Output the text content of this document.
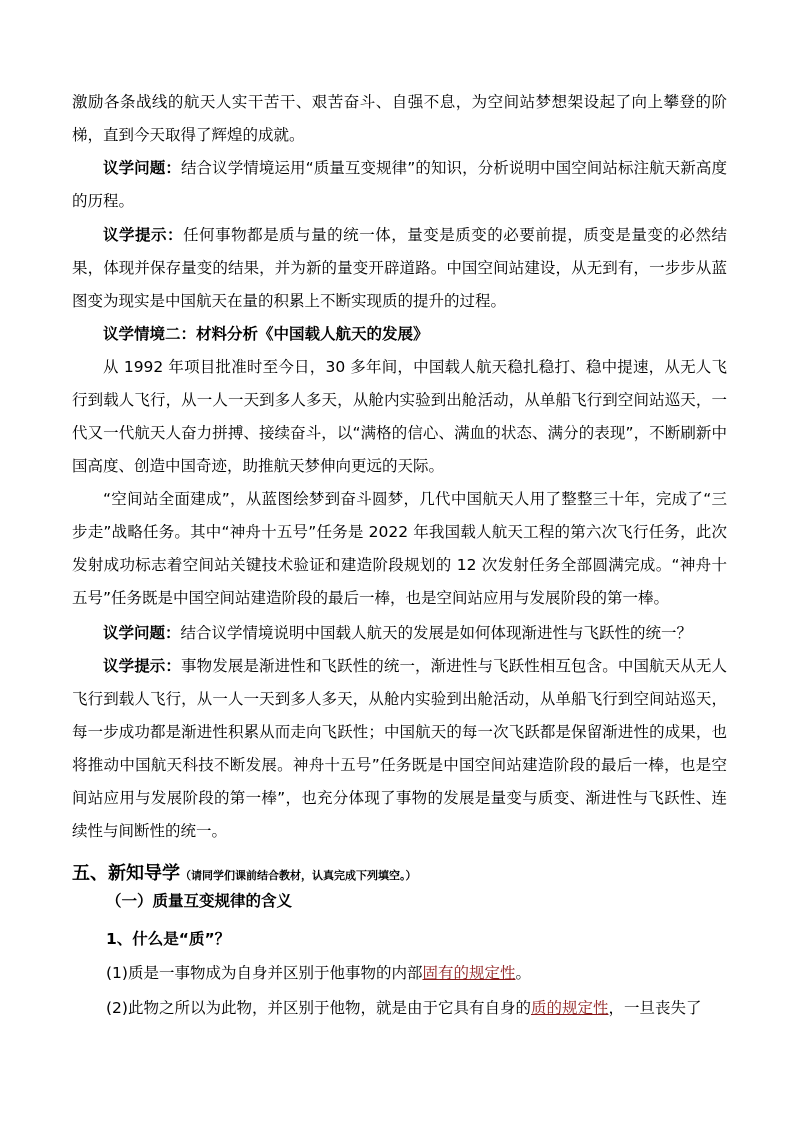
激励各条战线的航天人实干苦干、艰苦奋斗、自强不息，为空间站梦想架设起了向上攀登的阶梯，直到今天取得了辉煌的成就。
议学问题：结合议学情境运用“质量互变规律”的知识，分析说明中国空间站标注航天新高度的历程。
议学提示：任何事物都是质与量的统一体，量变是质变的必要前提，质变是量变的必然结果，体现并保存量变的结果，并为新的量变开辟道路。中国空间站建设，从无到有，一步步从蓝图变为现实是中国航天在量的积累上不断实现质的提升的过程。
议学情境二：材料分析《中国载人航天的发展》
从 1992 年项目批准时至今日，30 多年间，中国载人航天稳扎稳打、稳中提速，从无人飞行到载人飞行，从一人一天到多人多天，从舱内实验到出舱活动，从单船飞行到空间站巡天，一代又一代航天人奋力拼搏、接续奋斗，以“满格的信心、满血的状态、满分的表现”，不断刷新中国高度、创造中国奇迹，助推航天梦伸向更远的天际。
“空间站全面建成”，从蓝图绘梦到奋斗圆梦，几代中国航天人用了整整三十年，完成了“三步走”战略任务。其中“神舟十五号”任务是 2022 年我国载人航天工程的第六次飞行任务，此次发射成功标志着空间站关键技术验证和建造阶段规划的 12 次发射任务全部圆满完成。“神舟十五号”任务既是中国空间站建造阶段的最后一棒，也是空间站应用与发展阶段的第一棒。
议学问题：结合议学情境说明中国载人航天的发展是如何体现渐进性与飞跃性的统一？
议学提示：事物发展是渐进性和飞跃性的统一，渐进性与飞跃性相互包含。中国航天从无人飞行到载人飞行，从一人一天到多人多天，从舱内实验到出舱活动，从单船飞行到空间站巡天，每一步成功都是渐进性积累从而走向飞跃性；中国航天的每一次飞跃都是保留渐进性的成果，也将推动中国航天科技不断发展。神舟十五号”任务既是中国空间站建造阶段的最后一棒，也是空间站应用与发展阶段的第一棒”，也充分体现了事物的发展是量变与质变、渐进性与飞跃性、连续性与间断性的统一。
五、新知导学（请同学们课前结合教材，认真完成下列填空。）
（一）质量互变规律的含义
1、什么是“质”？
(1)质是一事物成为自身并区别于他事物的内部固有的规定性。
(2)此物之所以为此物，并区别于他物，就是由于它具有自身的质的规定性，一旦丧失了
